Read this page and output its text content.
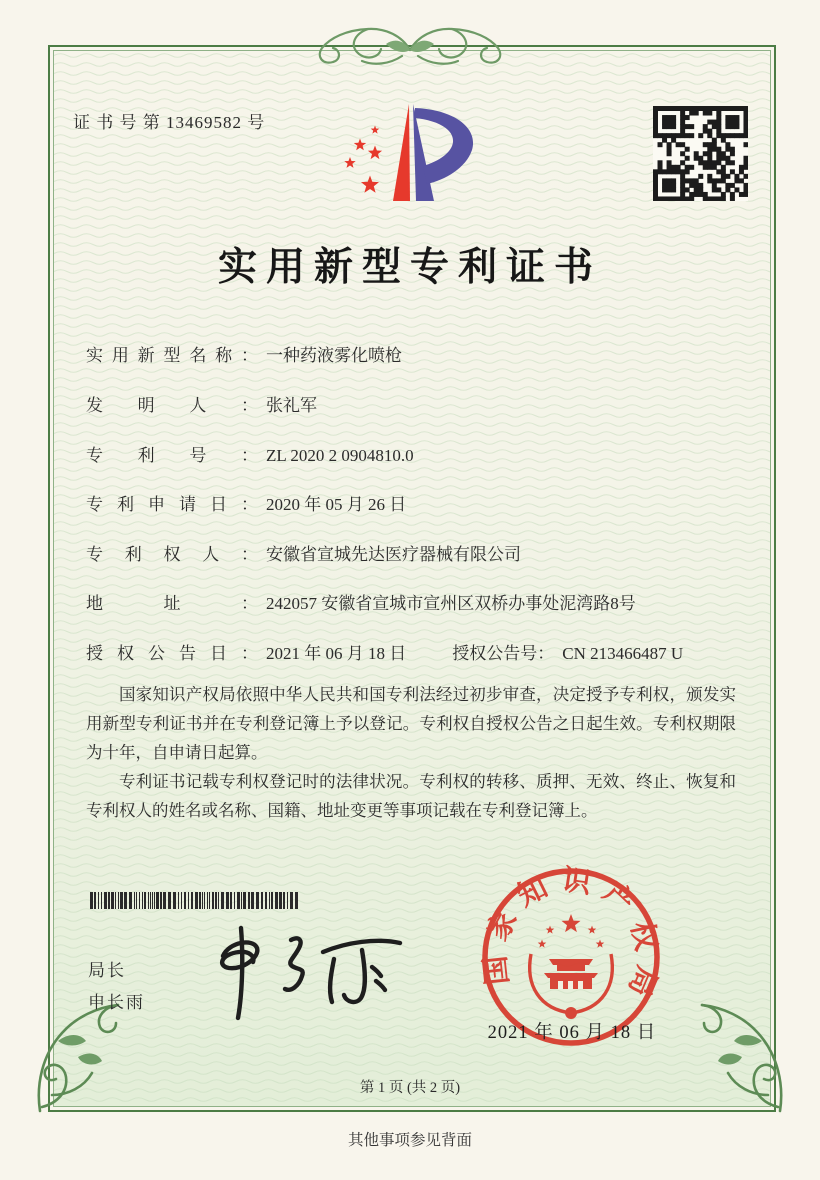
证 书 号 第 13469582 号
实用新型专利证书
实用新型名称： 一种药液雾化喷枪
发明人： 张礼军
专利号： ZL 2020 2 0904810.0
专利申请日： 2020 年 05 月 26 日
专利权人： 安徽省宣城先达医疗器械有限公司
地址： 242057 安徽省宣城市宣州区双桥办事处泥湾路8号
授权公告日： 2021 年 06 月 18 日	授权公告号： CN 213466487 U

国家知识产权局依照中华人民共和国专利法经过初步审查，决定授予专利权，颁发实用新型专利证书并在专利登记簿上予以登记。专利权自授权公告之日起生效。专利权期限为十年，自申请日起算。

专利证书记载专利权登记时的法律状况。专利权的转移、质押、无效、终止、恢复和专利权人的姓名或名称、国籍、地址变更等事项记载在专利登记簿上。

局长
申长雨
国家知识产权局
2021 年 06 月 18 日
第 1 页 (共 2 页)
其他事项参见背面
